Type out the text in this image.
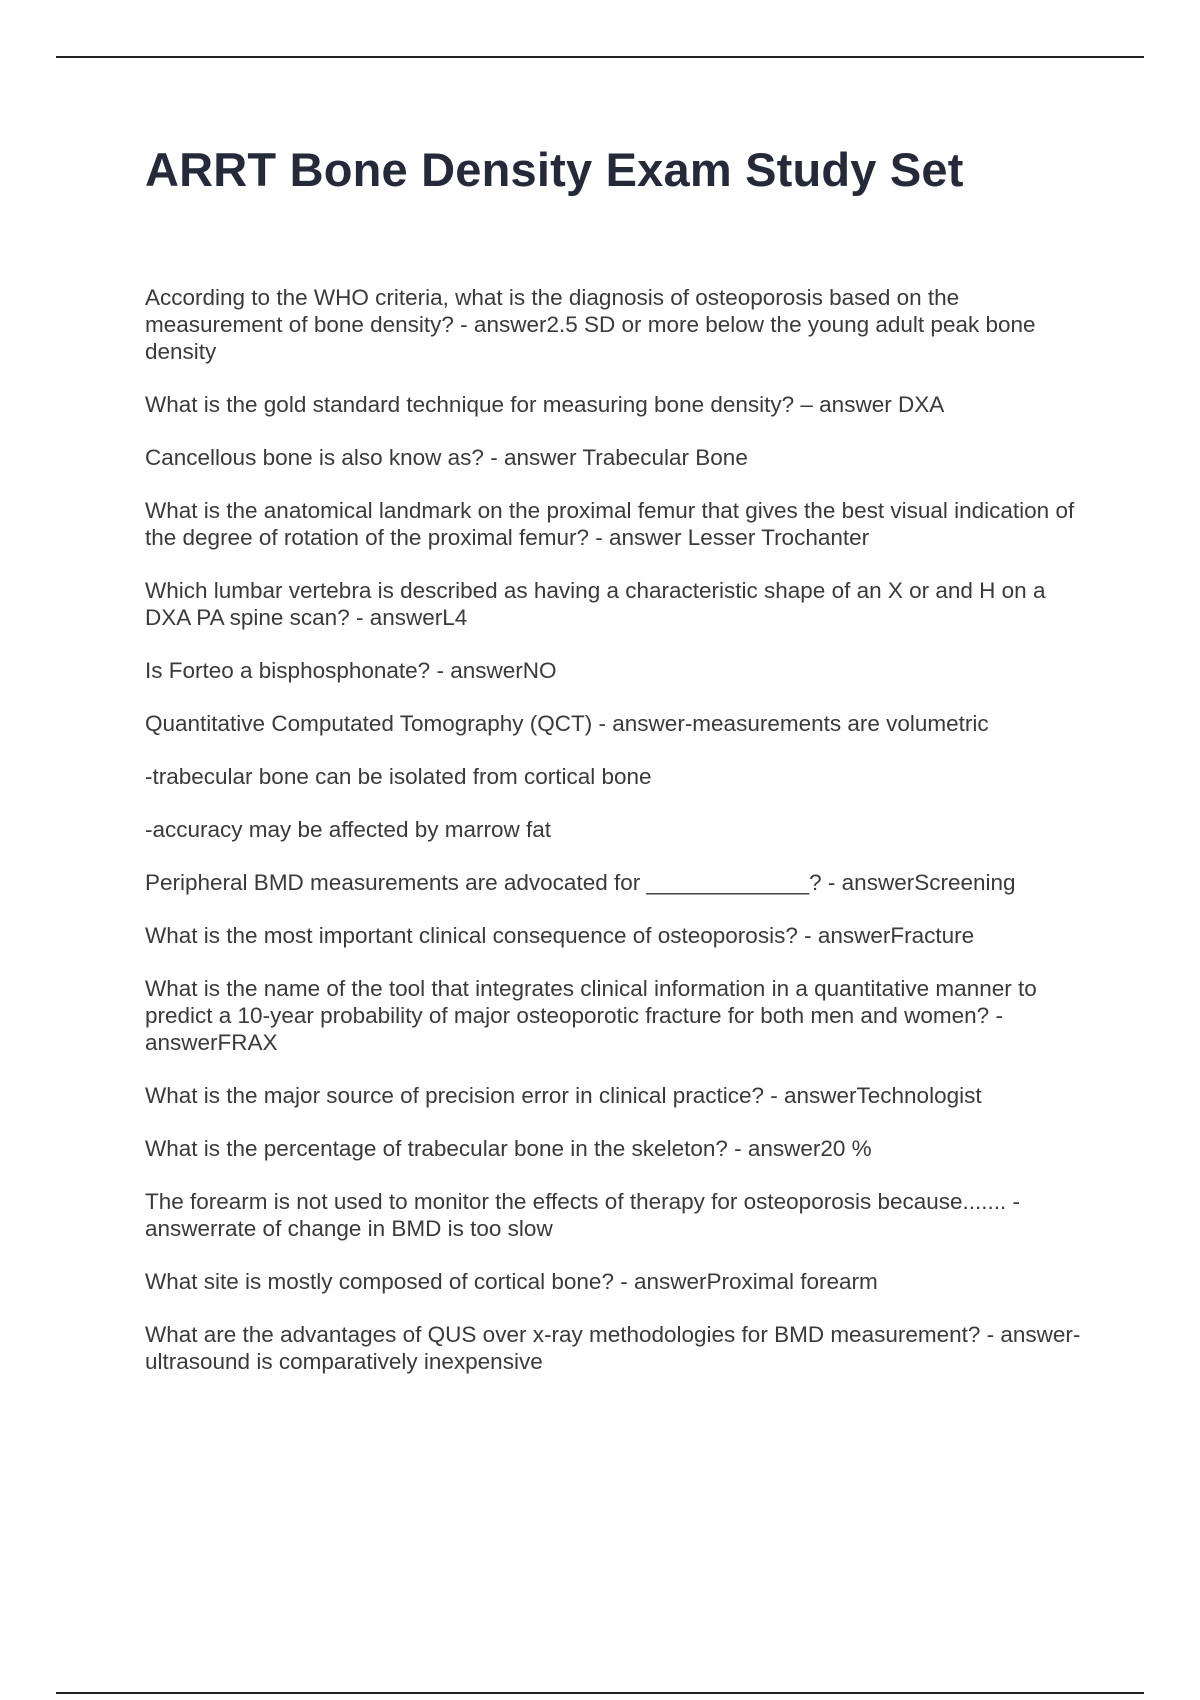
ARRT Bone Density Exam Study Set
According to the WHO criteria, what is the diagnosis of osteoporosis based on the measurement of bone density? - answer2.5 SD or more below the young adult peak bone density
What is the gold standard technique for measuring bone density? – answer DXA
Cancellous bone is also know as? - answer Trabecular Bone
What is the anatomical landmark on the proximal femur that gives the best visual indication of the degree of rotation of the proximal femur? - answer Lesser Trochanter
Which lumbar vertebra is described as having a characteristic shape of an X or and H on a DXA PA spine scan? - answerL4
Is Forteo a bisphosphonate? - answerNO
Quantitative Computated Tomography (QCT) - answer-measurements are volumetric
-trabecular bone can be isolated from cortical bone
-accuracy may be affected by marrow fat
Peripheral BMD measurements are advocated for _____________? - answerScreening
What is the most important clinical consequence of osteoporosis? - answerFracture
What is the name of the tool that integrates clinical information in a quantitative manner to predict a 10-year probability of major osteoporotic fracture for both men and women? - answerFRAX
What is the major source of precision error in clinical practice? - answerTechnologist
What is the percentage of trabecular bone in the skeleton? - answer20 %
The forearm is not used to monitor the effects of therapy for osteoporosis because....... - answerrate of change in BMD is too slow
What site is mostly composed of cortical bone? - answerProximal forearm
What are the advantages of QUS over x-ray methodologies for BMD measurement? - answer-ultrasound is comparatively inexpensive
